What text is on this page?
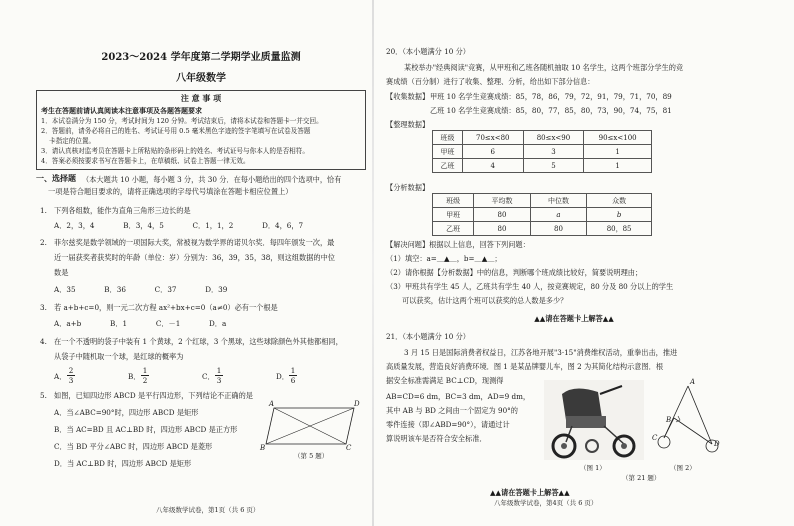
2023～2024 学年度第二学期学业质量监测
八年级数学
注 意 事 项
考生在答题前请认真阅读本注意事项及各题答题要求
1．本试卷满分为 150 分，考试时间为 120 分钟。考试结束后，请将本试卷和答题卡一并交回。
2．答题前，请务必将自己的姓名、考试证号用 0.5 毫米黑色字迹的签字笔填写在试卷及答题
卡指定的位置。
3．请认真核对监考员在答题卡上所粘贴的条形码上的姓名、考试证号与你本人的是否相符。
4．答案必须按要求书写在答题卡上，在草稿纸、试卷上答题一律无效。
一、选择题 （本大题共 10 小题，每小题 3 分，共 30 分．在每小题给出的四个选项中，恰有
一项是符合题目要求的，请将正确选项的字母代号填涂在答题卡相应位置上）
1. 下列各组数，能作为直角三角形三边长的是
A．2，3，4　　　　B．3，4，5　　　　C．1，1，2　　　　D．4，6，7
2. 菲尔兹奖是数学领域的一项国际大奖，常被视为数学界的诺贝尔奖．每四年颁发一次，最
近一届获奖者获奖时的年龄（单位：岁）分别为：36，39，35，38，则这组数据的中位
数是
A．35　　　　B．36　　　　C．37　　　　D．39
3. 若 a+b+c=0，则一元二次方程 ax²+bx+c=0（a≠0）必有一个根是
A．a+b　　　　B．1　　　　C．－1　　　　D．a
4. 在一个不透明的袋子中装有 1 个黄球，2 个红球，3 个黑球，这些球除颜色外其他都相同，
从袋子中随机取一个球，是红球的概率为
A．
2
3	B．
1
2	C．
1
3	D．
1
6
5. 如图，已知四边形 ABCD 是平行四边形，下列结论不正确的是
A．当∠ABC=90°时，四边形 ABCD 是矩形
B．当 AC=BD 且 AC⊥BD 时，四边形 ABCD 是正方形
C．当 BD 平分∠ABC 时，四边形 ABCD 是菱形
D．当 AC⊥BD 时，四边形 ABCD 是矩形
A	D
B	C
（第 5 题）
八年级数学试卷，第1页（共 6 页）
20．（本小题满分 10 分）
某校举办"经典阅读"竞赛，从甲班和乙班各随机抽取 10 名学生，这两个班部分学生的竞
赛成绩（百分制）进行了收集、整理、分析，给出如下部分信息：
【收集数据】 甲班 10 名学生竞赛成绩：85，78，86，79，72，91，79，71，70，89
乙班 10 名学生竞赛成绩：85，80，77，85，80，73，90，74，75，81
【整理数据】
班级	70≤x<80	80≤x<90	90≤x<100
甲班	6	3	1
乙班	4	5	1
【分析数据】
班级	平均数	中位数	众数
甲班	80	a	b
乙班	80	80	80，85
【解决问题】根据以上信息，回答下列问题：
（1）填空：a=＿▲＿，b=＿▲＿；
（2）请你根据【分析数据】中的信息，判断哪个班成绩比较好，简要说明理由；
（3）甲班共有学生 45 人，乙班共有学生 40 人，按竞赛规定，80 分及 80 分以上的学生
可以获奖，估计这两个班可以获奖的总人数是多少？
▲▲请在答题卡上解答▲▲
21．（本小题满分 10 分）
3 月 15 日是国际消费者权益日，江苏各地开展"3·15"消费维权活动，重拳出击，推进
高质量发展，营造良好消费环境．图 1 是某品牌婴儿车，图 2 为其简化结构示意图．根
据安全标准需满足 BC⊥CD，现测得
AB=CD=6 dm，BC=3 dm，AD=9 dm，
其中 AB 与 BD 之间由一个固定为 90°的
零件连接（即∠ABD=90°），请通过计
算说明该车是否符合安全标准．
（图 1）
A
B
C
D
（图 2）
（第 21 题）
▲▲请在答题卡上解答▲▲
八年级数学试卷，第4页（共 6 页）
